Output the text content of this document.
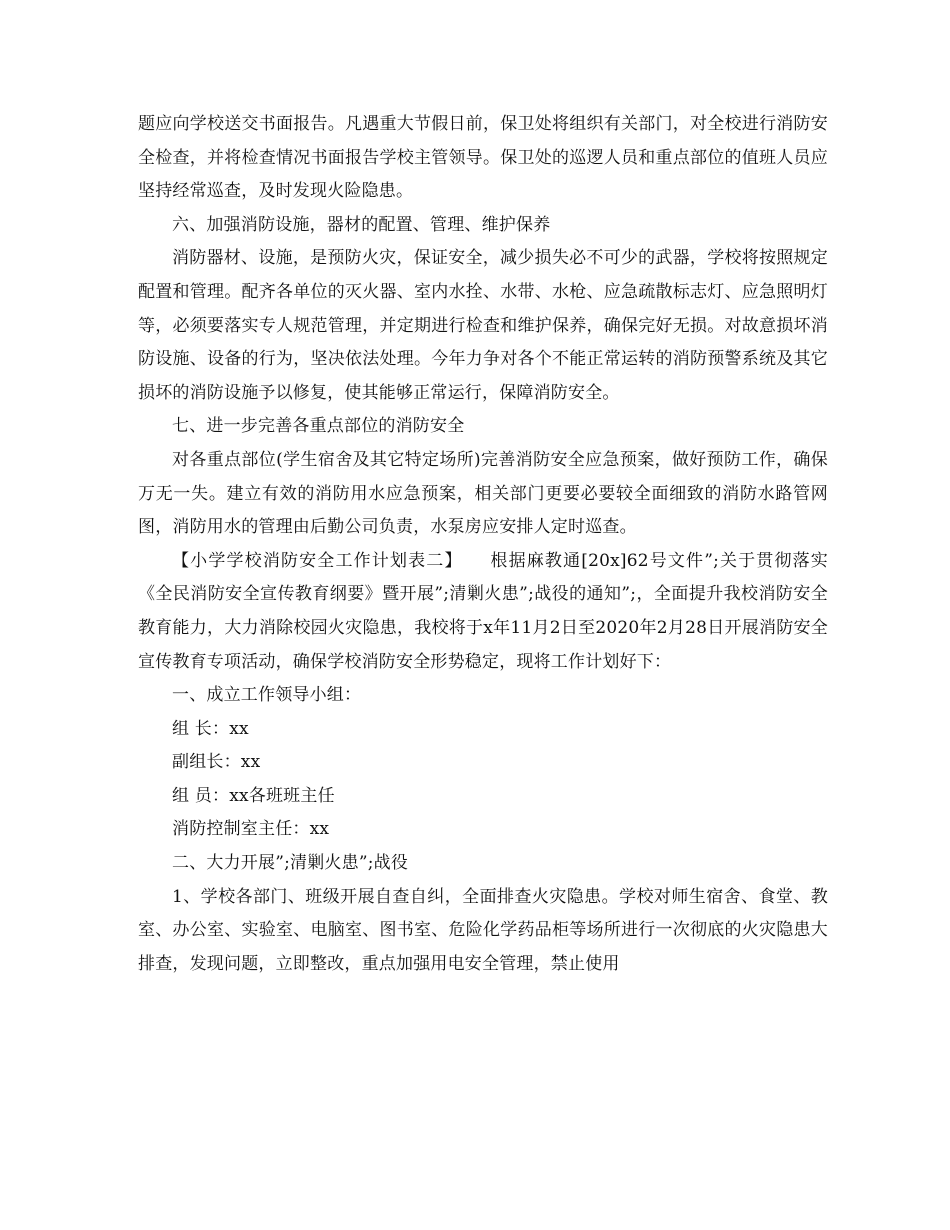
题应向学校送交书面报告。凡遇重大节假日前，保卫处将组织有关部门，对全校进行消防安全检查，并将检查情况书面报告学校主管领导。保卫处的巡逻人员和重点部位的值班人员应坚持经常巡查，及时发现火险隐患。

六、加强消防设施，器材的配置、管理、维护保养

消防器材、设施，是预防火灾，保证安全，减少损失必不可少的武器，学校将按照规定配置和管理。配齐各单位的灭火器、室内水拴、水带、水枪、应急疏散标志灯、应急照明灯等，必须要落实专人规范管理，并定期进行检查和维护保养，确保完好无损。对故意损坏消防设施、设备的行为，坚决依法处理。今年力争对各个不能正常运转的消防预警系统及其它损坏的消防设施予以修复，使其能够正常运行，保障消防安全。

七、进一步完善各重点部位的消防安全

对各重点部位(学生宿舍及其它特定场所)完善消防安全应急预案，做好预防工作，确保万无一失。建立有效的消防用水应急预案，相关部门更要必要较全面细致的消防水路管网图，消防用水的管理由后勤公司负责，水泵房应安排人定时巡查。

【小学学校消防安全工作计划表二】　　根据麻教通[20x]62号文件”;关于贯彻落实《全民消防安全宣传教育纲要》暨开展”;清剿火患”;战役的通知”;，全面提升我校消防安全教育能力，大力消除校园火灾隐患，我校将于x年11月2日至2020年2月28日开展消防安全宣传教育专项活动，确保学校消防安全形势稳定，现将工作计划好下：

一、成立工作领导小组：

组 长：xx

副组长：xx

组 员：xx各班班主任

消防控制室主任：xx

二、大力开展”;清剿火患”;战役

1、学校各部门、班级开展自查自纠，全面排查火灾隐患。学校对师生宿舍、食堂、教室、办公室、实验室、电脑室、图书室、危险化学药品柜等场所进行一次彻底的火灾隐患大排查，发现问题，立即整改，重点加强用电安全管理，禁止使用
